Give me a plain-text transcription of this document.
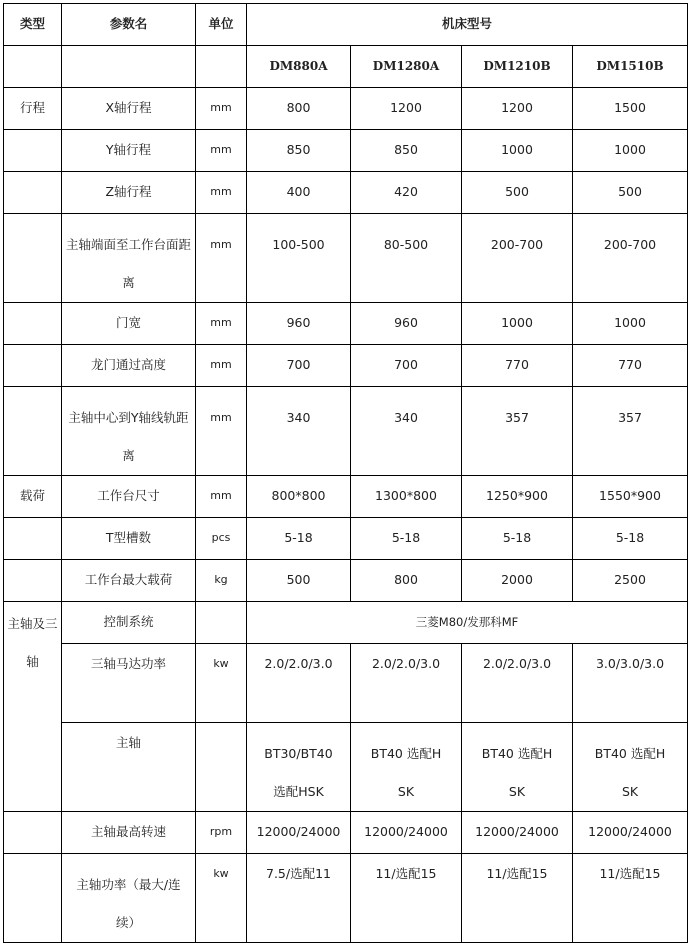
类型	参数名	单位	机床型号			
			DM880A	DM1280A	DM1210B	DM1510B
行程	X轴行程	mm	800	1200	1200	1500
	Y轴行程	mm	850	850	1000	1000
	Z轴行程	mm	400	420	500	500
	主轴端面至工作台面距离	mm	100-500	80-500	200-700	200-700
	门宽	mm	960	960	1000	1000
	龙门通过高度	mm	700	700	770	770
	主轴中心到Y轴线轨距离	mm	340	340	357	357
载荷	工作台尺寸	mm	800*800	1300*800	1250*900	1550*900
	T型槽数	pcs	5-18	5-18	5-18	5-18
	工作台最大载荷	kg	500	800	2000	2500
主轴及三轴	控制系统		三菱M80/发那科MF			
	三轴马达功率	kw	2.0/2.0/3.0	2.0/2.0/3.0	2.0/2.0/3.0	3.0/3.0/3.0
	主轴		BT30/BT40 选配HSK	BT40 选配HSK	BT40 选配HSK	BT40 选配HSK
	主轴最高转速	rpm	12000/24000	12000/24000	12000/24000	12000/24000
	主轴功率（最大/连续）	kw	7.5/选配11	11/选配15	11/选配15	11/选配15
